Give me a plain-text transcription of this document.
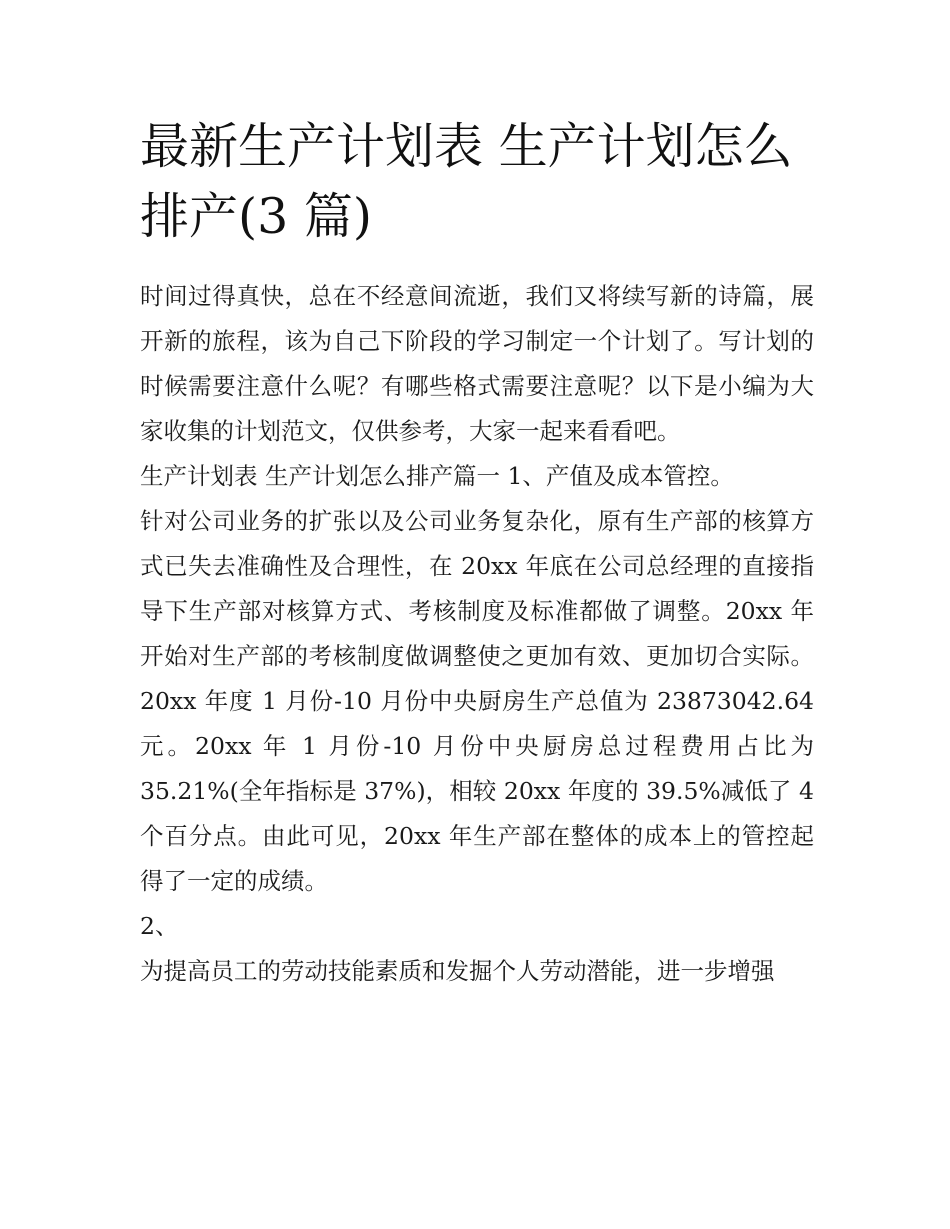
最新生产计划表 生产计划怎么排产(3 篇)

时间过得真快，总在不经意间流逝，我们又将续写新的诗篇，展开新的旅程，该为自己下阶段的学习制定一个计划了。写计划的时候需要注意什么呢？有哪些格式需要注意呢？以下是小编为大家收集的计划范文，仅供参考，大家一起来看看吧。

生产计划表 生产计划怎么排产篇一 1、产值及成本管控。

针对公司业务的扩张以及公司业务复杂化，原有生产部的核算方式已失去准确性及合理性，在 20xx 年底在公司总经理的直接指导下生产部对核算方式、考核制度及标准都做了调整。20xx 年开始对生产部的考核制度做调整使之更加有效、更加切合实际。20xx 年度 1 月份-10 月份中央厨房生产总值为 23873042.64 元。20xx 年 1 月份-10 月份中央厨房总过程费用占比为 35.21%(全年指标是 37%)，相较 20xx 年度的 39.5%减低了 4 个百分点。由此可见，20xx 年生产部在整体的成本上的管控起得了一定的成绩。

2、

为提高员工的劳动技能素质和发掘个人劳动潜能，进一步增强
